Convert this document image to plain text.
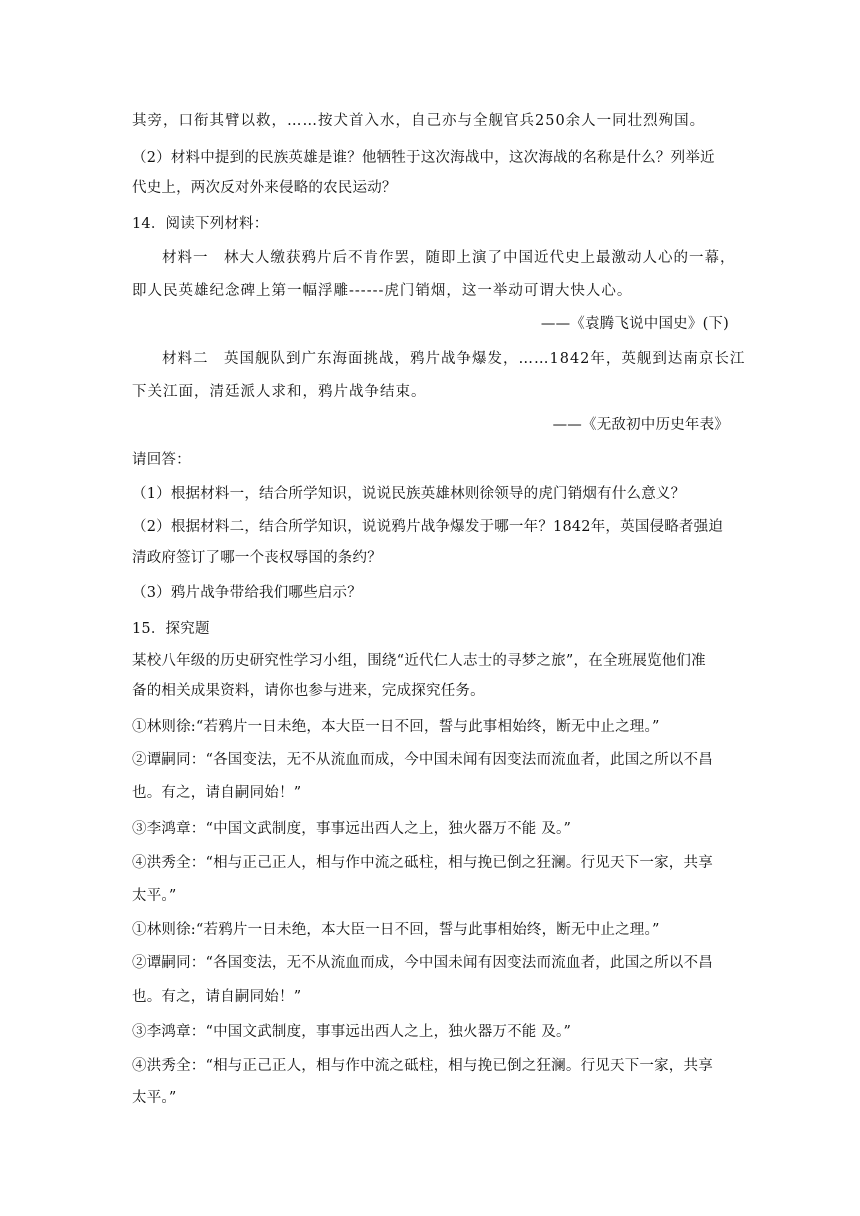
其旁，口衔其臂以救，……按犬首入水，自己亦与全舰官兵250余人一同壮烈殉国。
（2）材料中提到的民族英雄是谁？他牺牲于这次海战中，这次海战的名称是什么？列举近
代史上，两次反对外来侵略的农民运动？
14．阅读下列材料：
材料一　林大人缴获鸦片后不肯作罢，随即上演了中国近代史上最激动人心的一幕，
即人民英雄纪念碑上第一幅浮雕------虎门销烟，这一举动可谓大快人心。
——《袁腾飞说中国史》(下)
材料二　英国舰队到广东海面挑战，鸦片战争爆发，……1842年，英舰到达南京长江
下关江面，清廷派人求和，鸦片战争结束。
——《无敌初中历史年表》
请回答：
（1）根据材料一，结合所学知识，说说民族英雄林则徐领导的虎门销烟有什么意义？
（2）根据材料二，结合所学知识，说说鸦片战争爆发于哪一年？1842年，英国侵略者强迫
清政府签订了哪一个丧权辱国的条约？
（3）鸦片战争带给我们哪些启示？
15．探究题
某校八年级的历史研究性学习小组，围绕“近代仁人志士的寻梦之旅”，在全班展览他们准
备的相关成果资料，请你也参与进来，完成探究任务。
①林则徐:“若鸦片一日未绝，本大臣一日不回，誓与此事相始终，断无中止之理。”
②谭嗣同：“各国变法，无不从流血而成，今中国未闻有因变法而流血者，此国之所以不昌
也。有之，请自嗣同始！”
③李鸿章：“中国文武制度，事事远出西人之上，独火器万不能 及。”
④洪秀全：“相与正己正人，相与作中流之砥柱，相与挽已倒之狂澜。行见天下一家，共享
太平。”
①林则徐:“若鸦片一日未绝，本大臣一日不回，誓与此事相始终，断无中止之理。”
②谭嗣同：“各国变法，无不从流血而成，今中国未闻有因变法而流血者，此国之所以不昌
也。有之，请自嗣同始！”
③李鸿章：“中国文武制度，事事远出西人之上，独火器万不能 及。”
④洪秀全：“相与正己正人，相与作中流之砥柱，相与挽已倒之狂澜。行见天下一家，共享
太平。”
